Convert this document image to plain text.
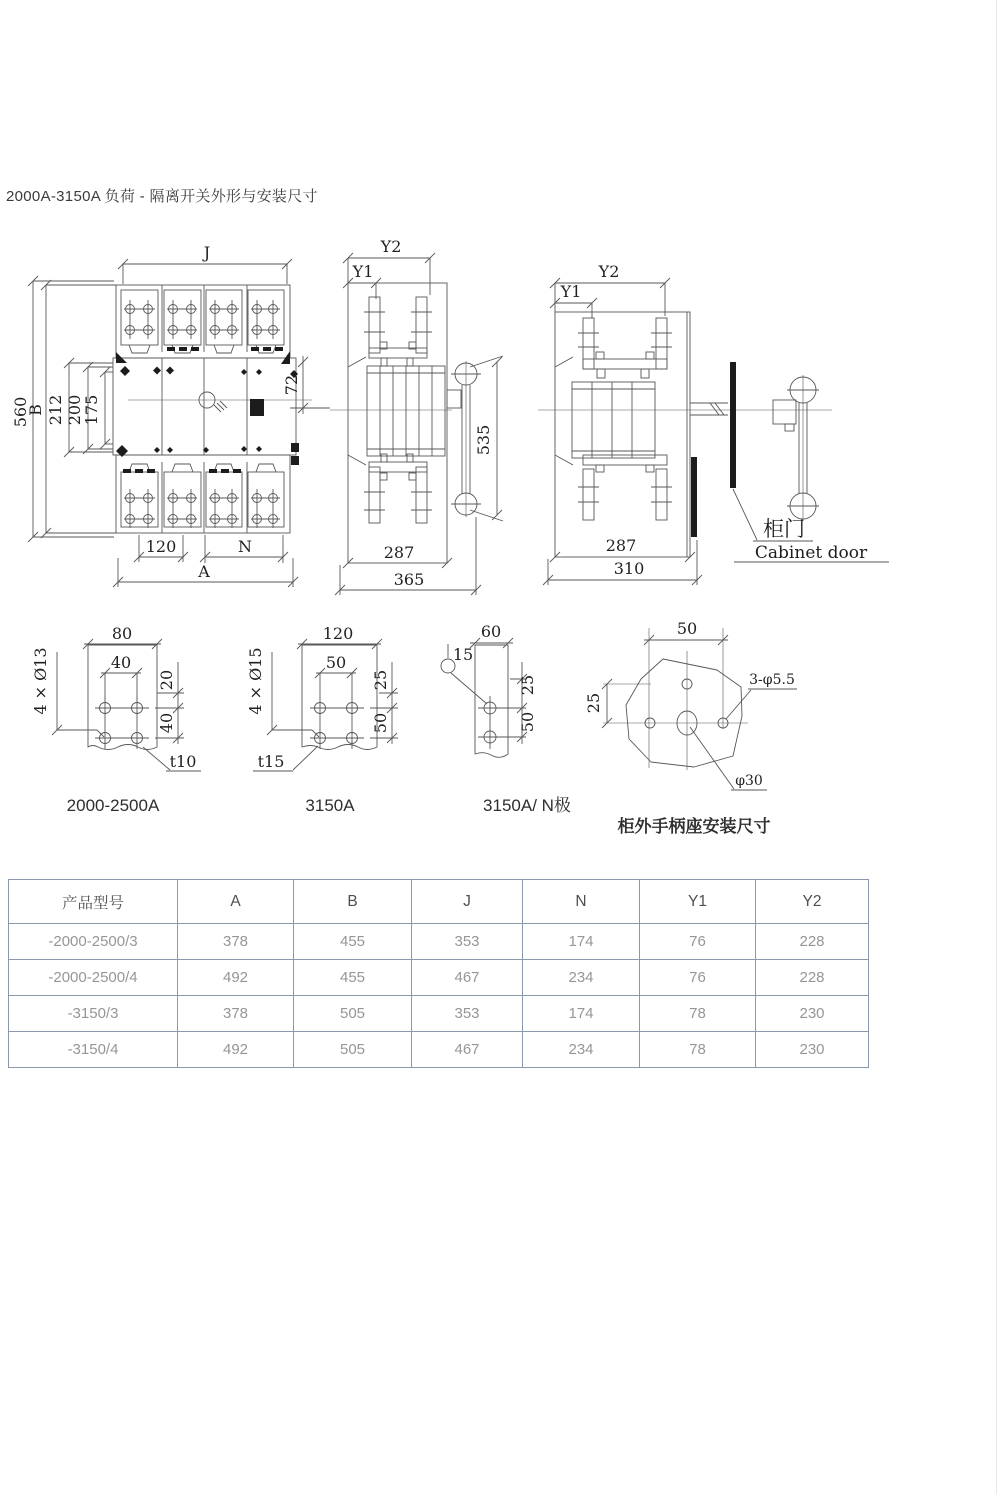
2000A-3150A 负荷 - 隔离开关外形与安装尺寸
J
560
B 212 200
175
72
120	N
A
Y2
Y1
535
287
365
Y2
Y1
287
310
柜门
Cabinet door
80
40
20
40
4 × Ø13
t10
2000-2500A
120
50
25
50
4 × Ø15
t15
3150A
60
15
25
50
3150A/ N极
50
25
3-φ5.5
φ30
柜外手柄座安装尺寸
产品型号	A	B	J	N	Y1	Y2
-2000-2500/3	378	455	353	174	76	228
-2000-2500/4	492	455	467	234	76	228
-3150/3	378	505	353	174	78	230
-3150/4	492	505	467	234	78	230
